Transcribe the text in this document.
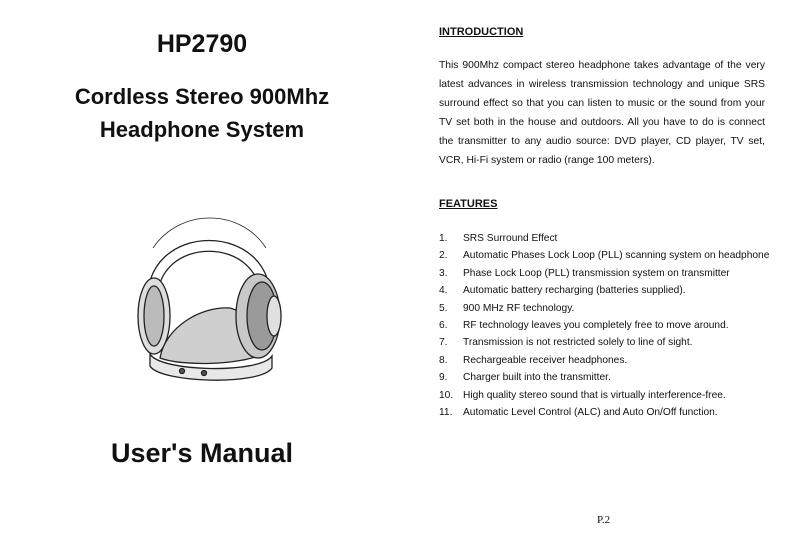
HP2790
Cordless Stereo 900Mhz
Headphone System
User's Manual
INTRODUCTION
This 900Mhz compact stereo headphone takes advantage of the very latest advances in wireless transmission technology and unique SRS surround effect so that you can listen to music or the sound from your TV set both in the house and outdoors. All you have to do is connect the transmitter to any audio source: DVD player, CD player, TV set, VCR, Hi-Fi system or radio (range 100 meters).
FEATURES
1. SRS Surround Effect
2. Automatic Phases Lock Loop (PLL) scanning system on headphone
3. Phase Lock Loop (PLL) transmission system on transmitter
4. Automatic battery recharging (batteries supplied).
5. 900 MHz RF technology.
6. RF technology leaves you completely free to move around.
7. Transmission is not restricted solely to line of sight.
8. Rechargeable receiver headphones.
9. Charger built into the transmitter.
10. High quality stereo sound that is virtually interference-free.
11. Automatic Level Control (ALC) and Auto On/Off function.
P.2
